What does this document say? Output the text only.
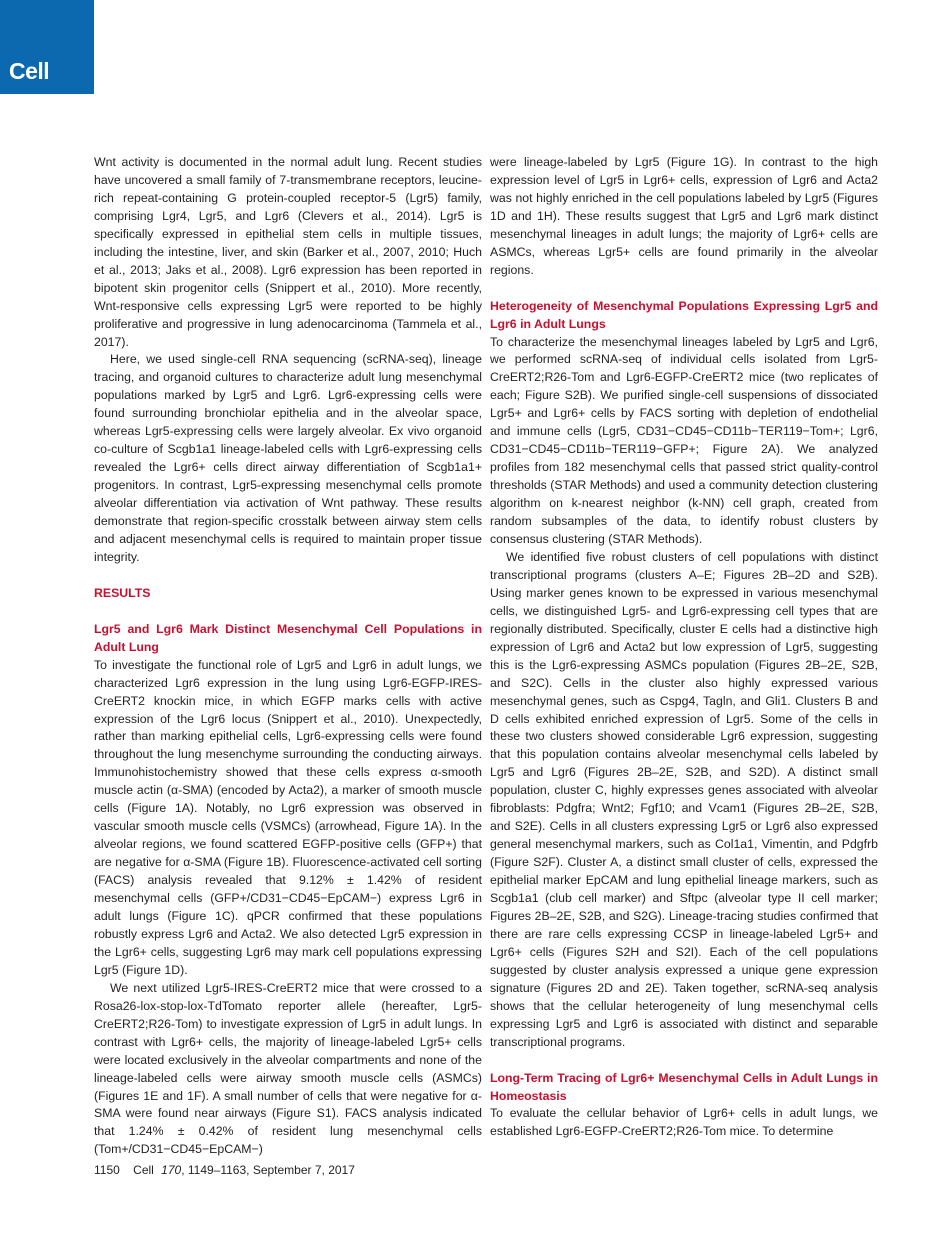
Cell

Wnt activity is documented in the normal adult lung. Recent studies have uncovered a small family of 7-transmembrane receptors, leucine-rich repeat-containing G protein-coupled receptor-5 (Lgr5) family, comprising Lgr4, Lgr5, and Lgr6 (Clevers et al., 2014). Lgr5 is specifically expressed in epithelial stem cells in multiple tissues, including the intestine, liver, and skin (Barker et al., 2007, 2010; Huch et al., 2013; Jaks et al., 2008). Lgr6 expression has been reported in bipotent skin progenitor cells (Snippert et al., 2010). More recently, Wnt-responsive cells expressing Lgr5 were reported to be highly proliferative and progressive in lung adenocarcinoma (Tammela et al., 2017).

Here, we used single-cell RNA sequencing (scRNA-seq), lineage tracing, and organoid cultures to characterize adult lung mesenchymal populations marked by Lgr5 and Lgr6. Lgr6-expressing cells were found surrounding bronchiolar epithelia and in the alveolar space, whereas Lgr5-expressing cells were largely alveolar. Ex vivo organoid co-culture of Scgb1a1 lineage-labeled cells with Lgr6-expressing cells revealed the Lgr6+ cells direct airway differentiation of Scgb1a1+ progenitors. In contrast, Lgr5-expressing mesenchymal cells promote alveolar differentiation via activation of Wnt pathway. These results demonstrate that region-specific crosstalk between airway stem cells and adjacent mesenchymal cells is required to maintain proper tissue integrity.

RESULTS

Lgr5 and Lgr6 Mark Distinct Mesenchymal Cell Populations in Adult Lung

To investigate the functional role of Lgr5 and Lgr6 in adult lungs, we characterized Lgr6 expression in the lung using Lgr6-EGFP-IRES-CreERT2 knockin mice, in which EGFP marks cells with active expression of the Lgr6 locus (Snippert et al., 2010). Unexpectedly, rather than marking epithelial cells, Lgr6-expressing cells were found throughout the lung mesenchyme surrounding the conducting airways. Immunohistochemistry showed that these cells express α-smooth muscle actin (α-SMA) (encoded by Acta2), a marker of smooth muscle cells (Figure 1A). Notably, no Lgr6 expression was observed in vascular smooth muscle cells (VSMCs) (arrowhead, Figure 1A). In the alveolar regions, we found scattered EGFP-positive cells (GFP+) that are negative for α-SMA (Figure 1B). Fluorescence-activated cell sorting (FACS) analysis revealed that 9.12% ± 1.42% of resident mesenchymal cells (GFP+/CD31−CD45−EpCAM−) express Lgr6 in adult lungs (Figure 1C). qPCR confirmed that these populations robustly express Lgr6 and Acta2. We also detected Lgr5 expression in the Lgr6+ cells, suggesting Lgr6 may mark cell populations expressing Lgr5 (Figure 1D).

We next utilized Lgr5-IRES-CreERT2 mice that were crossed to a Rosa26-lox-stop-lox-TdTomato reporter allele (hereafter, Lgr5-CreERT2;R26-Tom) to investigate expression of Lgr5 in adult lungs. In contrast with Lgr6+ cells, the majority of lineage-labeled Lgr5+ cells were located exclusively in the alveolar compartments and none of the lineage-labeled cells were airway smooth muscle cells (ASMCs) (Figures 1E and 1F). A small number of cells that were negative for α-SMA were found near airways (Figure S1). FACS analysis indicated that 1.24% ± 0.42% of resident lung mesenchymal cells (Tom+/CD31−CD45−EpCAM−)

were lineage-labeled by Lgr5 (Figure 1G). In contrast to the high expression level of Lgr5 in Lgr6+ cells, expression of Lgr6 and Acta2 was not highly enriched in the cell populations labeled by Lgr5 (Figures 1D and 1H). These results suggest that Lgr5 and Lgr6 mark distinct mesenchymal lineages in adult lungs; the majority of Lgr6+ cells are ASMCs, whereas Lgr5+ cells are found primarily in the alveolar regions.

Heterogeneity of Mesenchymal Populations Expressing Lgr5 and Lgr6 in Adult Lungs

To characterize the mesenchymal lineages labeled by Lgr5 and Lgr6, we performed scRNA-seq of individual cells isolated from Lgr5-CreERT2;R26-Tom and Lgr6-EGFP-CreERT2 mice (two replicates of each; Figure S2B). We purified single-cell suspensions of dissociated Lgr5+ and Lgr6+ cells by FACS sorting with depletion of endothelial and immune cells (Lgr5, CD31−CD45−CD11b−TER119−Tom+; Lgr6, CD31−CD45−CD11b−TER119−GFP+; Figure 2A). We analyzed profiles from 182 mesenchymal cells that passed strict quality-control thresholds (STAR Methods) and used a community detection clustering algorithm on k-nearest neighbor (k-NN) cell graph, created from random subsamples of the data, to identify robust clusters by consensus clustering (STAR Methods).

We identified five robust clusters of cell populations with distinct transcriptional programs (clusters A–E; Figures 2B–2D and S2B). Using marker genes known to be expressed in various mesenchymal cells, we distinguished Lgr5- and Lgr6-expressing cell types that are regionally distributed. Specifically, cluster E cells had a distinctive high expression of Lgr6 and Acta2 but low expression of Lgr5, suggesting this is the Lgr6-expressing ASMCs population (Figures 2B–2E, S2B, and S2C). Cells in the cluster also highly expressed various mesenchymal genes, such as Cspg4, Tagln, and Gli1. Clusters B and D cells exhibited enriched expression of Lgr5. Some of the cells in these two clusters showed considerable Lgr6 expression, suggesting that this population contains alveolar mesenchymal cells labeled by Lgr5 and Lgr6 (Figures 2B–2E, S2B, and S2D). A distinct small population, cluster C, highly expresses genes associated with alveolar fibroblasts: Pdgfra; Wnt2; Fgf10; and Vcam1 (Figures 2B–2E, S2B, and S2E). Cells in all clusters expressing Lgr5 or Lgr6 also expressed general mesenchymal markers, such as Col1a1, Vimentin, and Pdgfrb (Figure S2F). Cluster A, a distinct small cluster of cells, expressed the epithelial marker EpCAM and lung epithelial lineage markers, such as Scgb1a1 (club cell marker) and Sftpc (alveolar type II cell marker; Figures 2B–2E, S2B, and S2G). Lineage-tracing studies confirmed that there are rare cells expressing CCSP in lineage-labeled Lgr5+ and Lgr6+ cells (Figures S2H and S2I). Each of the cell populations suggested by cluster analysis expressed a unique gene expression signature (Figures 2D and 2E). Taken together, scRNA-seq analysis shows that the cellular heterogeneity of lung mesenchymal cells expressing Lgr5 and Lgr6 is associated with distinct and separable transcriptional programs.

Long-Term Tracing of Lgr6+ Mesenchymal Cells in Adult Lungs in Homeostasis

To evaluate the cellular behavior of Lgr6+ cells in adult lungs, we established Lgr6-EGFP-CreERT2;R26-Tom mice. To determine

1150 Cell 170, 1149–1163, September 7, 2017
